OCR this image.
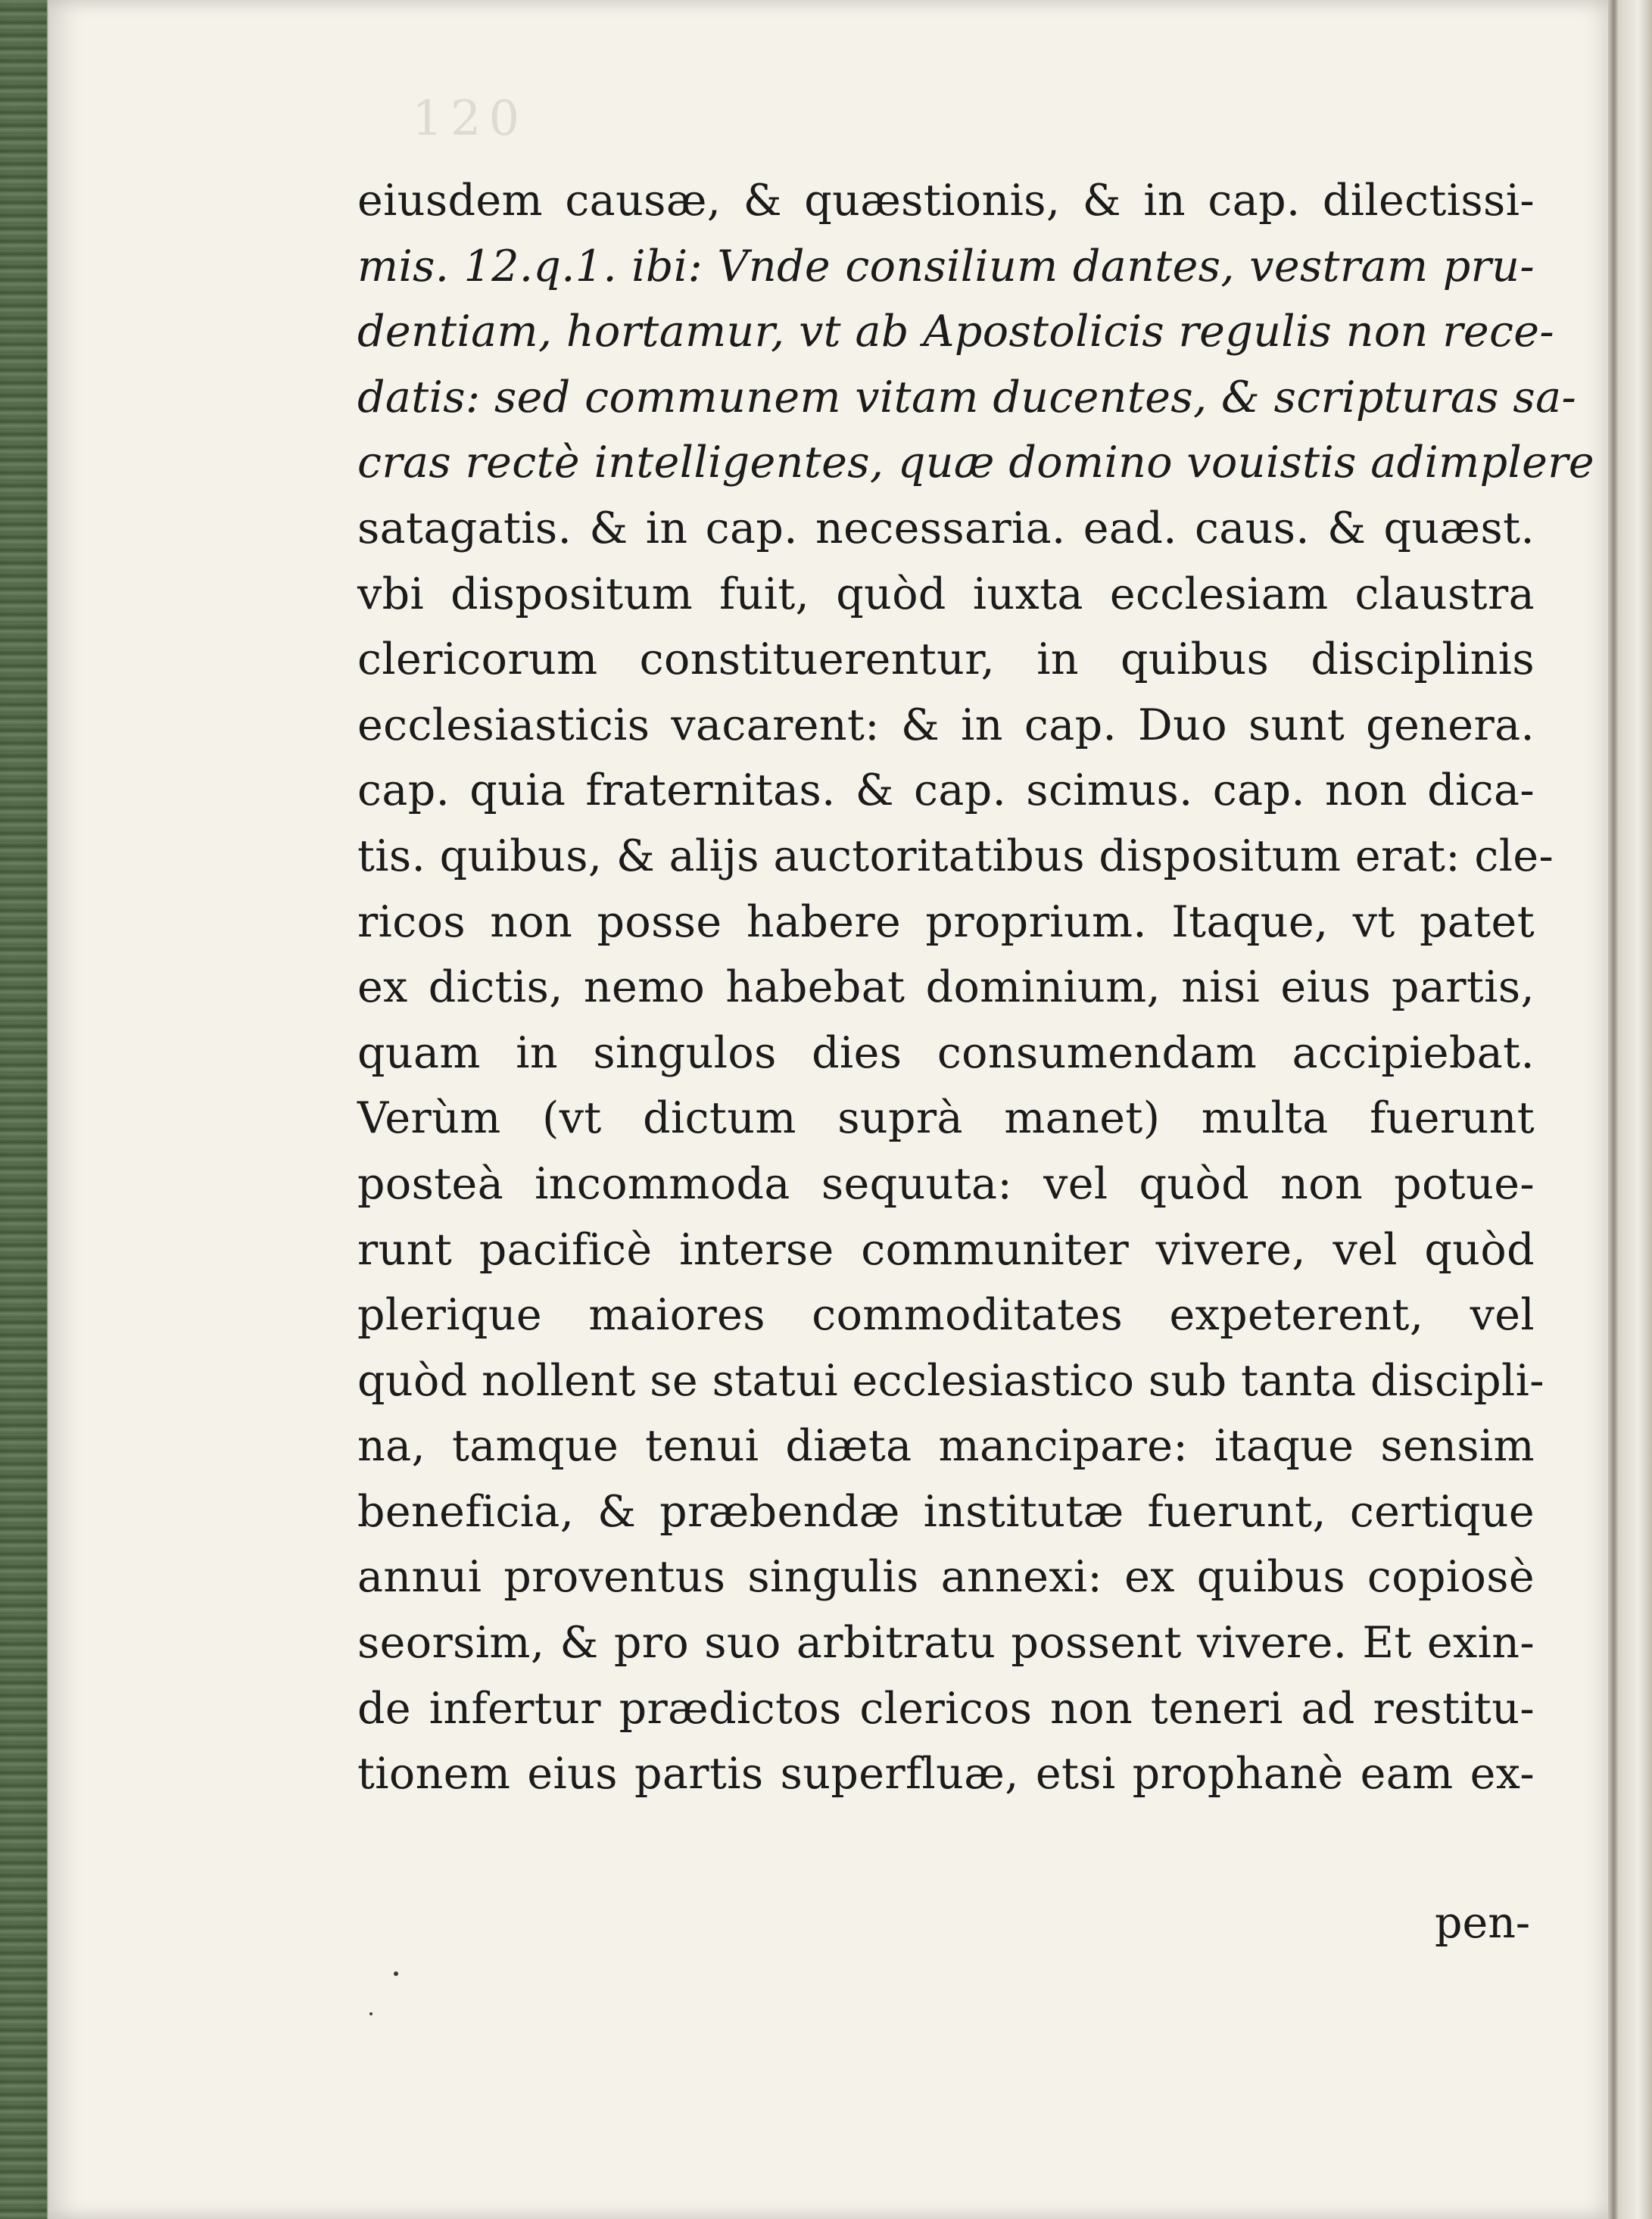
120
eiusdem causæ, & quæstionis, & in cap. dilectissi-
mis. 12.q.1. ibi: Vnde consilium dantes, vestram pru-
dentiam, hortamur, vt ab Apostolicis regulis non rece-
datis: sed communem vitam ducentes, & scripturas sa-
cras rectè intelligentes, quæ domino vouistis adimplere
satagatis. & in cap. necessaria. ead. caus. & quæst.
vbi dispositum fuit, quòd iuxta ecclesiam claustra
clericorum constituerentur, in quibus disciplinis
ecclesiasticis vacarent: & in cap. Duo sunt genera.
cap. quia fraternitas. & cap. scimus. cap. non dica-
tis. quibus, & alijs auctoritatibus dispositum erat: cle-
ricos non posse habere proprium. Itaque, vt patet
ex dictis, nemo habebat dominium, nisi eius partis,
quam in singulos dies consumendam accipiebat.
Verùm (vt dictum suprà manet) multa fuerunt
posteà incommoda sequuta: vel quòd non potue-
runt pacificè interse communiter vivere, vel quòd
plerique maiores commoditates expeterent, vel
quòd nollent se statui ecclesiastico sub tanta discipli-
na, tamque tenui diæta mancipare: itaque sensim
beneficia, & præbendæ institutæ fuerunt, certique
annui proventus singulis annexi: ex quibus copiosè
seorsim, & pro suo arbitratu possent vivere. Et exin-
de infertur prædictos clericos non teneri ad restitu-
tionem eius partis superfluæ, etsi prophanè eam ex-
pen-
